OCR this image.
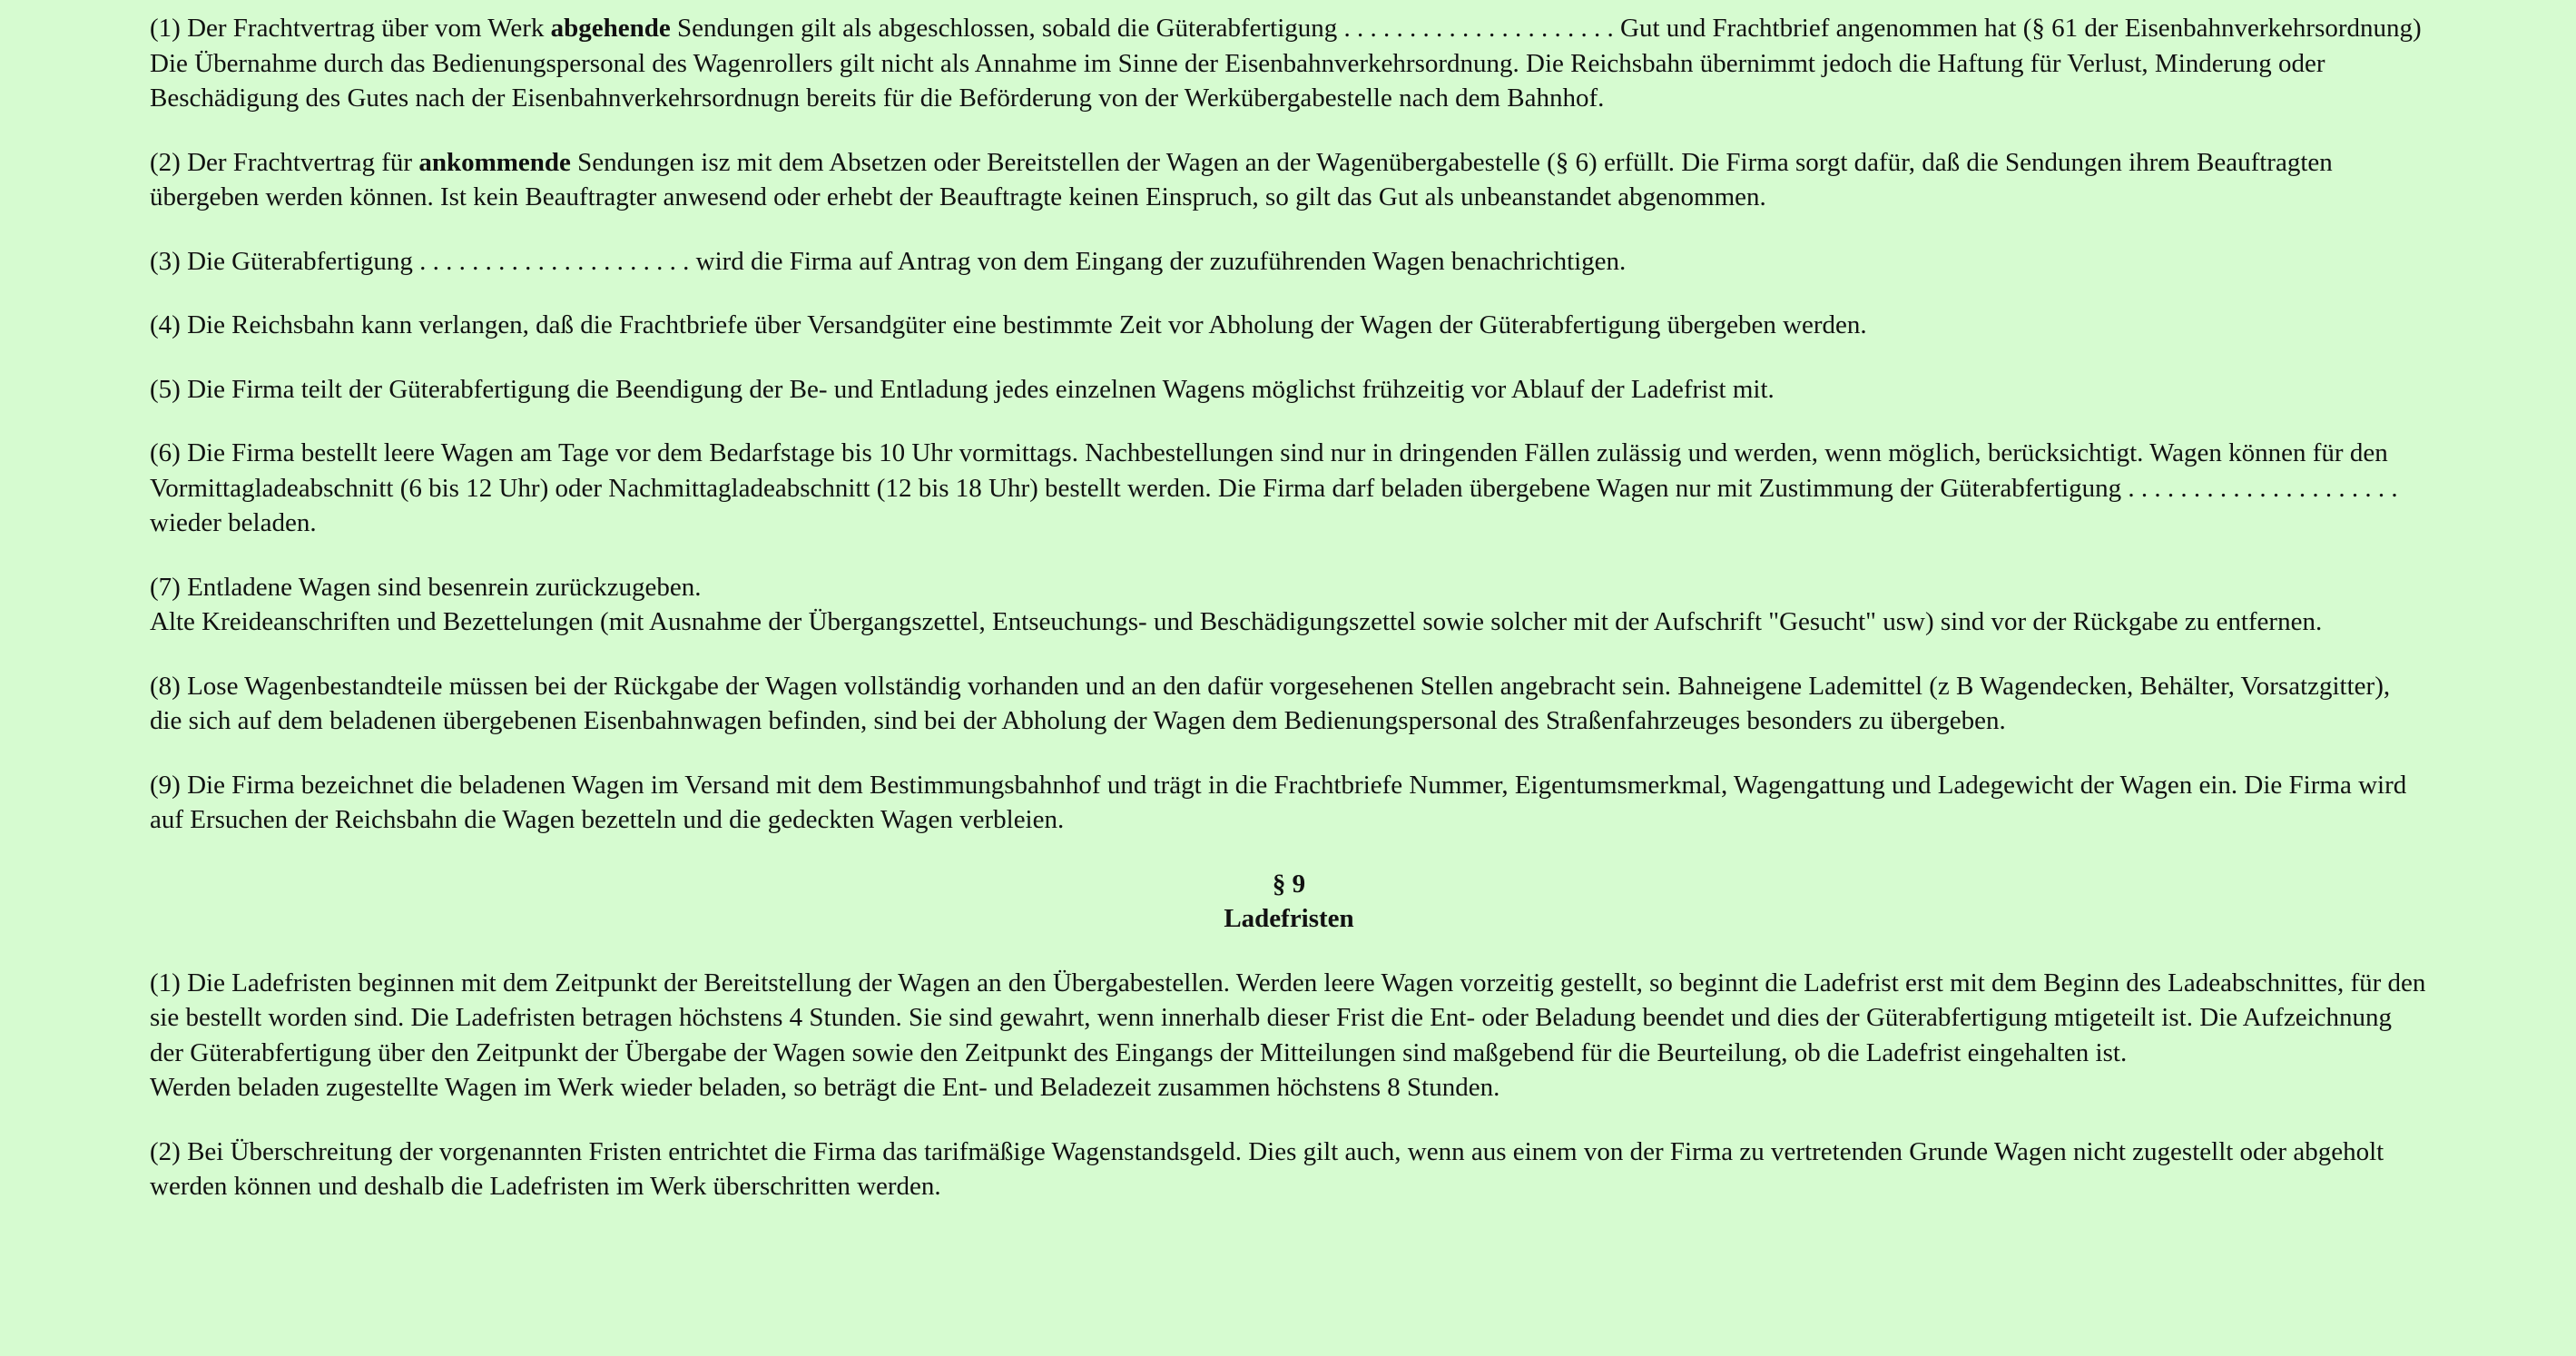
(1) Der Frachtvertrag über vom Werk abgehende Sendungen gilt als abgeschlossen, sobald die Güterabfertigung . . . . . . . . . . . . . . . . . . . . . Gut und Frachtbrief angenommen hat (§ 61 der Eisenbahnverkehrsordnung)
Die Übernahme durch das Bedienungspersonal des Wagenrollers gilt nicht als Annahme im Sinne der Eisenbahnverkehrsordnung. Die Reichsbahn übernimmt jedoch die Haftung für Verlust, Minderung oder Beschädigung des Gutes nach der Eisenbahnverkehrsordnugn bereits für die Beförderung von der Werkübergabestelle nach dem Bahnhof.

(2) Der Frachtvertrag für ankommende Sendungen isz mit dem Absetzen oder Bereitstellen der Wagen an der Wagenübergabestelle (§ 6) erfüllt. Die Firma sorgt dafür, daß die Sendungen ihrem Beauftragten übergeben werden können. Ist kein Beauftragter anwesend oder erhebt der Beauftragte keinen Einspruch, so gilt das Gut als unbeanstandet abgenommen.

(3) Die Güterabfertigung . . . . . . . . . . . . . . . . . . . . . wird die Firma auf Antrag von dem Eingang der zuzuführenden Wagen benachrichtigen.

(4) Die Reichsbahn kann verlangen, daß die Frachtbriefe über Versandgüter eine bestimmte Zeit vor Abholung der Wagen der Güterabfertigung übergeben werden.

(5) Die Firma teilt der Güterabfertigung die Beendigung der Be- und Entladung jedes einzelnen Wagens möglichst frühzeitig vor Ablauf der Ladefrist mit.

(6) Die Firma bestellt leere Wagen am Tage vor dem Bedarfstage bis 10 Uhr vormittags. Nachbestellungen sind nur in dringenden Fällen zulässig und werden, wenn möglich, berücksichtigt. Wagen können für den Vormittagladeabschnitt (6 bis 12 Uhr) oder Nachmittagladeabschnitt (12 bis 18 Uhr) bestellt werden. Die Firma darf beladen übergebene Wagen nur mit Zustimmung der Güterabfertigung . . . . . . . . . . . . . . . . . . . . . wieder beladen.

(7) Entladene Wagen sind besenrein zurückzugeben.
Alte Kreideanschriften und Bezettelungen (mit Ausnahme der Übergangszettel, Entseuchungs- und Beschädigungszettel sowie solcher mit der Aufschrift "Gesucht" usw) sind vor der Rückgabe zu entfernen.

(8) Lose Wagenbestandteile müssen bei der Rückgabe der Wagen vollständig vorhanden und an den dafür vorgesehenen Stellen angebracht sein. Bahneigene Lademittel (z B Wagendecken, Behälter, Vorsatzgitter), die sich auf dem beladenen übergebenen Eisenbahnwagen befinden, sind bei der Abholung der Wagen dem Bedienungspersonal des Straßenfahrzeuges besonders zu übergeben.

(9) Die Firma bezeichnet die beladenen Wagen im Versand mit dem Bestimmungsbahnhof und trägt in die Frachtbriefe Nummer, Eigentumsmerkmal, Wagengattung und Ladegewicht der Wagen ein. Die Firma wird auf Ersuchen der Reichsbahn die Wagen bezetteln und die gedeckten Wagen verbleien.

§ 9
Ladefristen

(1) Die Ladefristen beginnen mit dem Zeitpunkt der Bereitstellung der Wagen an den Übergabestellen. Werden leere Wagen vorzeitig gestellt, so beginnt die Ladefrist erst mit dem Beginn des Ladeabschnittes, für den sie bestellt worden sind. Die Ladefristen betragen höchstens 4 Stunden. Sie sind gewahrt, wenn innerhalb dieser Frist die Ent- oder Beladung beendet und dies der Güterabfertigung mtigeteilt ist. Die Aufzeichnung der Güterabfertigung über den Zeitpunkt der Übergabe der Wagen sowie den Zeitpunkt des Eingangs der Mitteilungen sind maßgebend für die Beurteilung, ob die Ladefrist eingehalten ist.
Werden beladen zugestellte Wagen im Werk wieder beladen, so beträgt die Ent- und Beladezeit zusammen höchstens 8 Stunden.

(2) Bei Überschreitung der vorgenannten Fristen entrichtet die Firma das tarifmäßige Wagenstandsgeld. Dies gilt auch, wenn aus einem von der Firma zu vertretenden Grunde Wagen nicht zugestellt oder abgeholt werden können und deshalb die Ladefristen im Werk überschritten werden.
